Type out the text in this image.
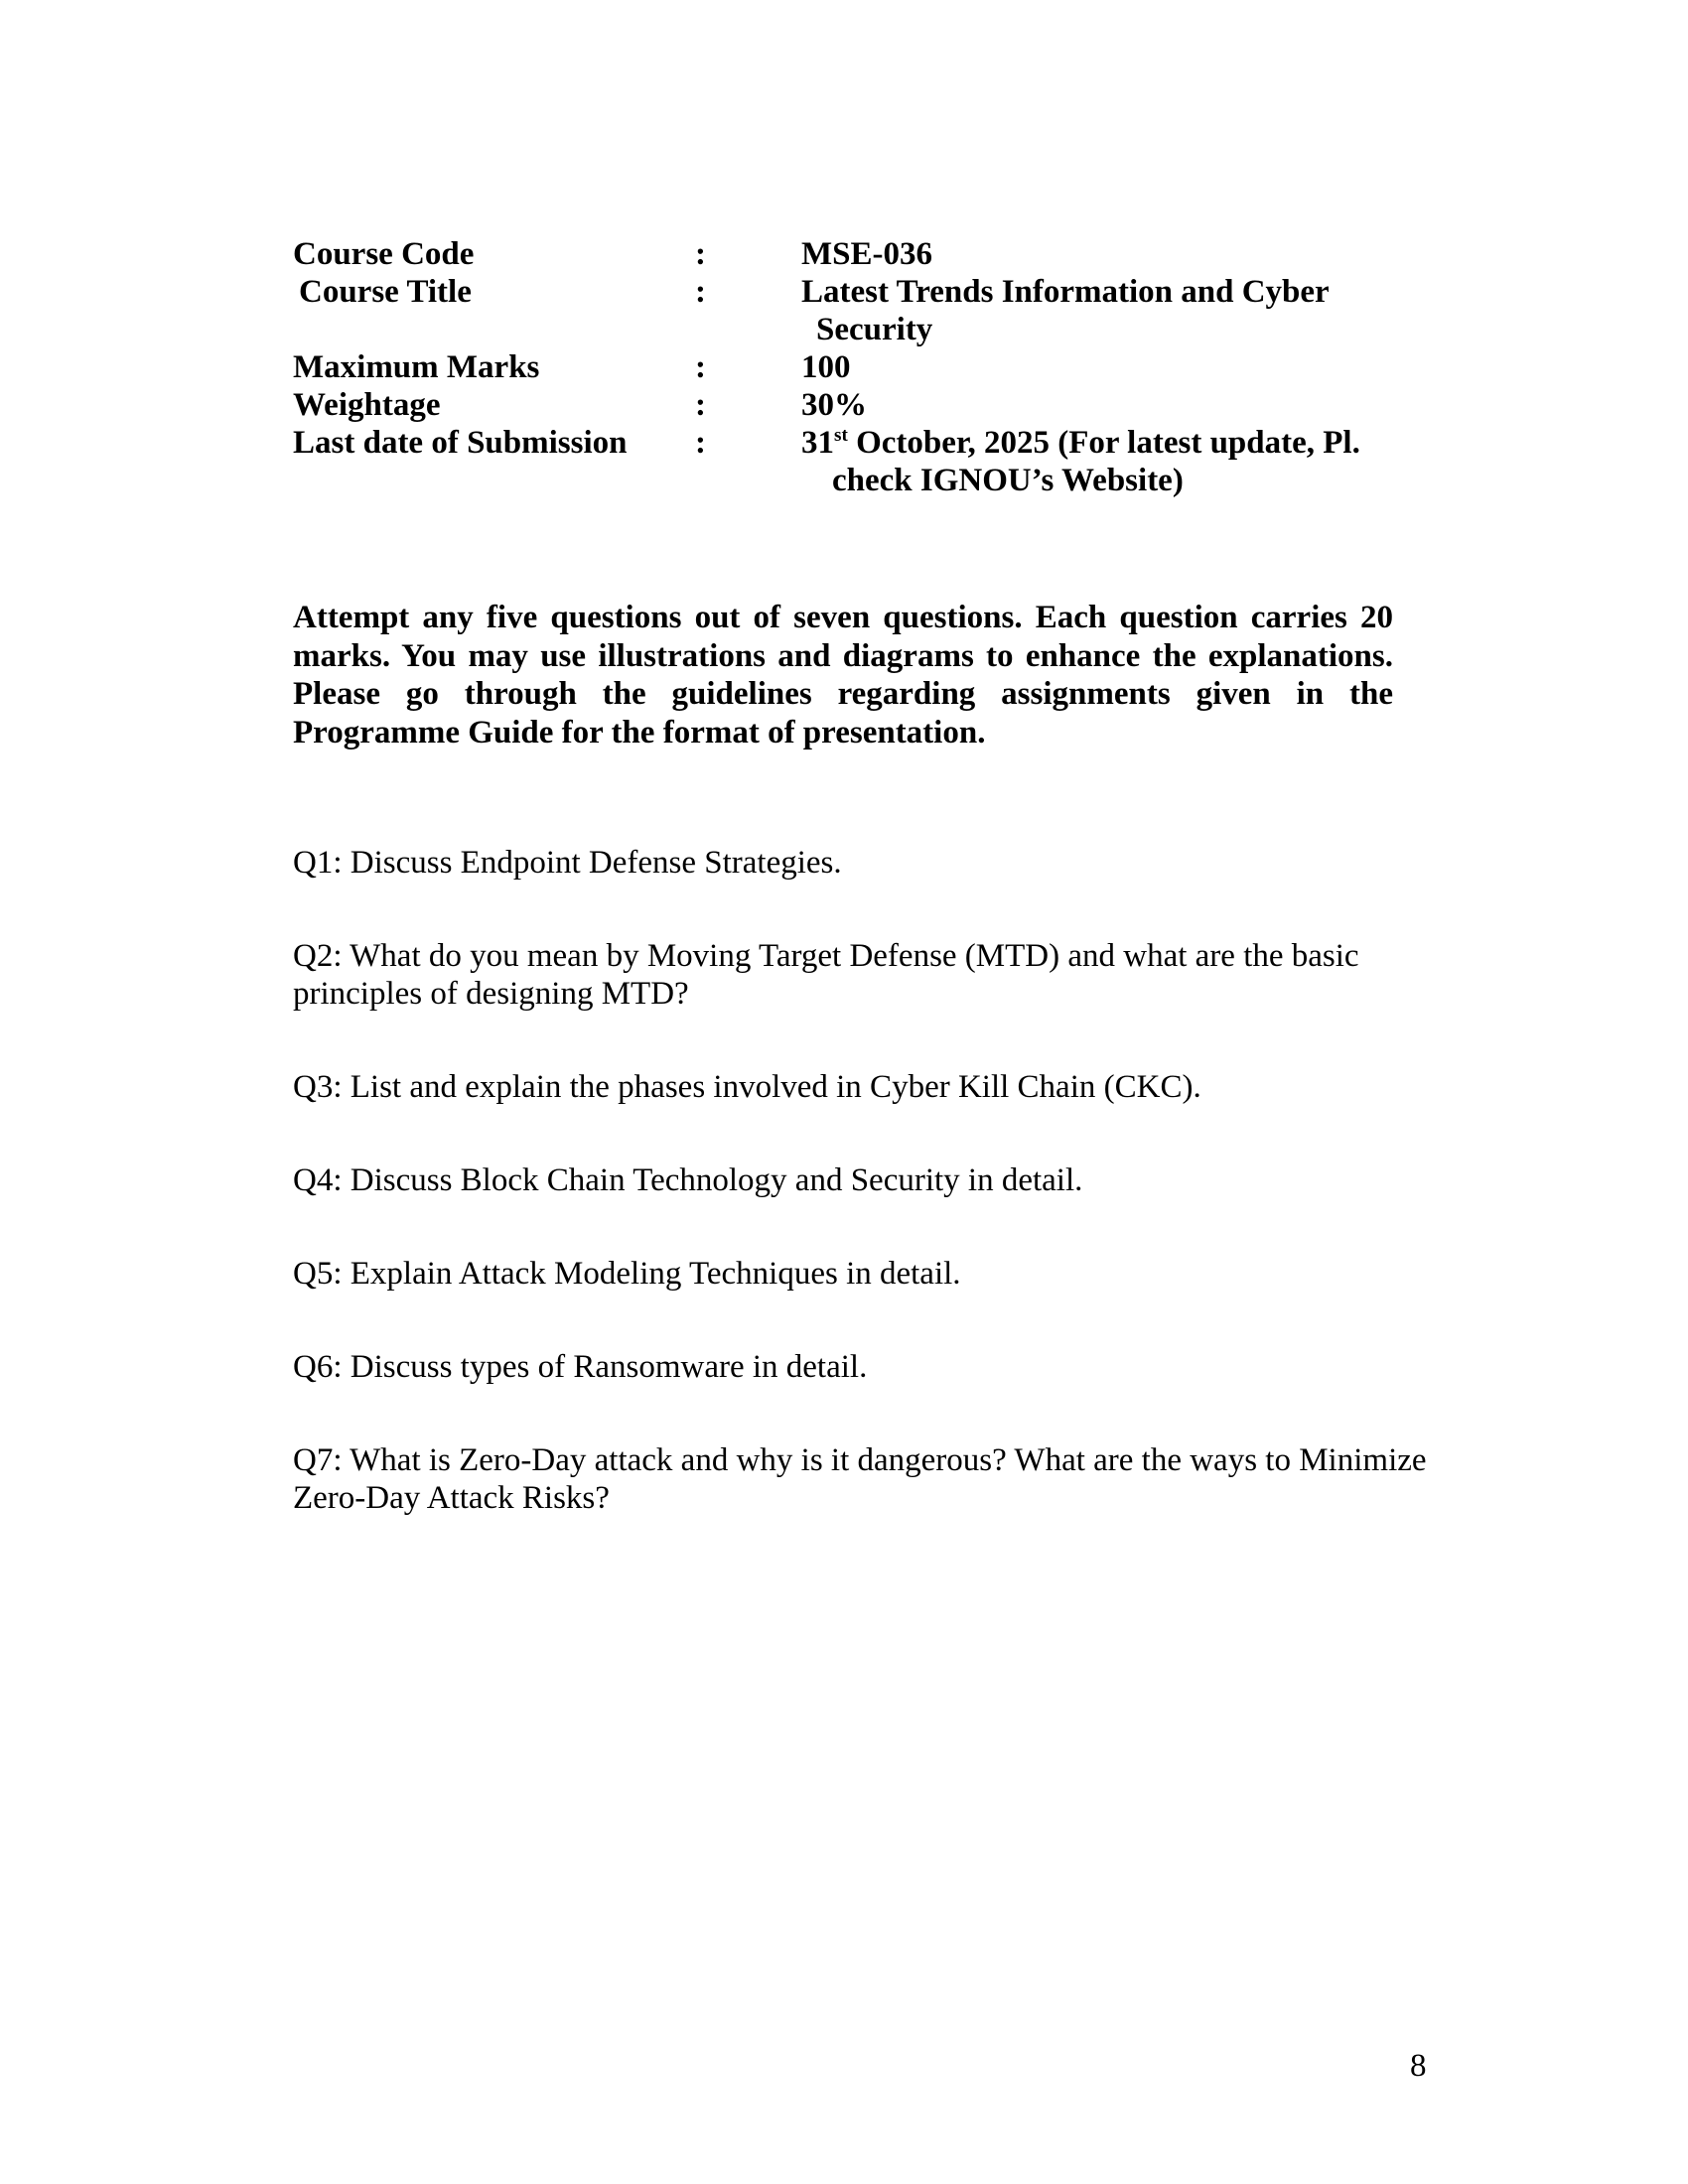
Course Code	:	MSE-036
Course Title	:	Latest Trends Information and Cyber
Security
Maximum Marks	:	100
Weightage	:	30%
Last date of Submission	:	31st October, 2025 (For latest update, Pl.
check IGNOU’s Website)

Attempt any five questions out of seven questions. Each question carries 20 marks. You may use illustrations and diagrams to enhance the explanations. Please go through the guidelines regarding assignments given in the Programme Guide for the format of presentation.

Q1: Discuss Endpoint Defense Strategies.

Q2: What do you mean by Moving Target Defense (MTD) and what are the basic principles of designing MTD?

Q3: List and explain the phases involved in Cyber Kill Chain (CKC).

Q4: Discuss Block Chain Technology and Security in detail.

Q5: Explain Attack Modeling Techniques in detail.

Q6: Discuss types of Ransomware in detail.

Q7: What is Zero-Day attack and why is it dangerous? What are the ways to Minimize Zero-Day Attack Risks?

8
